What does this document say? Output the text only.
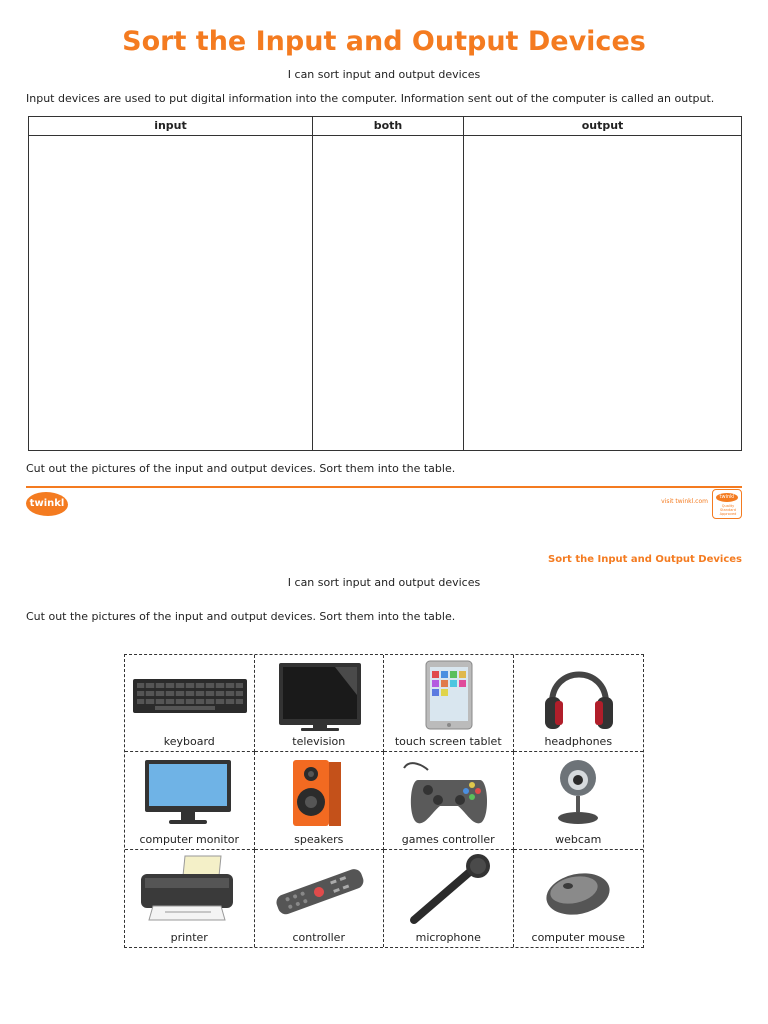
Sort the Input and Output Devices
I can sort input and output devices
Input devices are used to put digital information into the computer. Information sent out of the computer is called an output.
input	both	output
Cut out the pictures of the input and output devices. Sort them into the table.
twinkl	visit twinkl.com
twinkl
Quality Standard Approved
Sort the Input and Output Devices
I can sort input and output devices
Cut out the pictures of the input and output devices. Sort them into the table.
keyboard	television	touch screen tablet	headphones
computer monitor	speakers	games controller	webcam
printer	controller	microphone	computer mouse
